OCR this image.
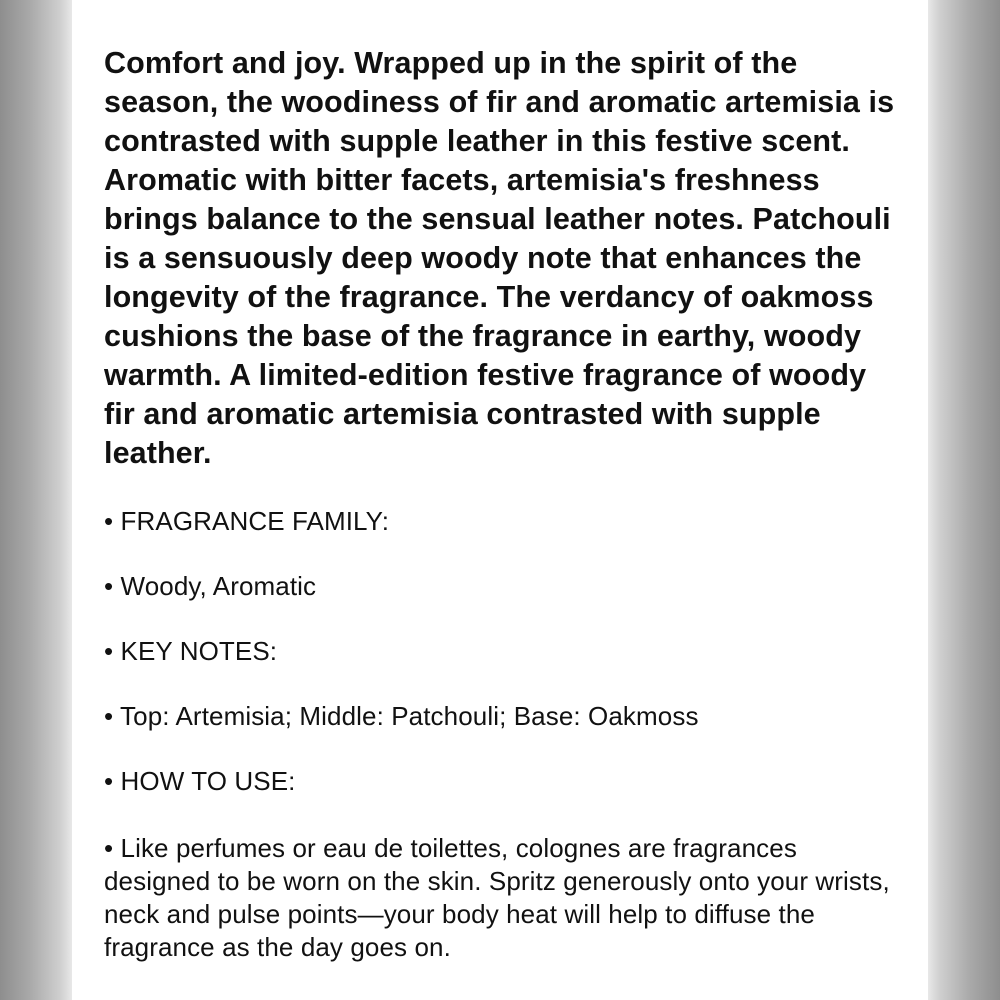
Comfort and joy. Wrapped up in the spirit of the season, the woodiness of fir and aromatic artemisia is contrasted with supple leather in this festive scent. Aromatic with bitter facets, artemisia's freshness brings balance to the sensual leather notes. Patchouli is a sensuously deep woody note that enhances the longevity of the fragrance. The verdancy of oakmoss cushions the base of the fragrance in earthy, woody warmth. A limited-edition festive fragrance of woody fir and aromatic artemisia contrasted with supple leather.

• FRAGRANCE FAMILY:

• Woody, Aromatic

• KEY NOTES:

• Top: Artemisia; Middle: Patchouli; Base: Oakmoss

• HOW TO USE:

• Like perfumes or eau de toilettes, colognes are fragrances designed to be worn on the skin. Spritz generously onto your wrists, neck and pulse points—your body heat will help to diffuse the fragrance as the day goes on.
